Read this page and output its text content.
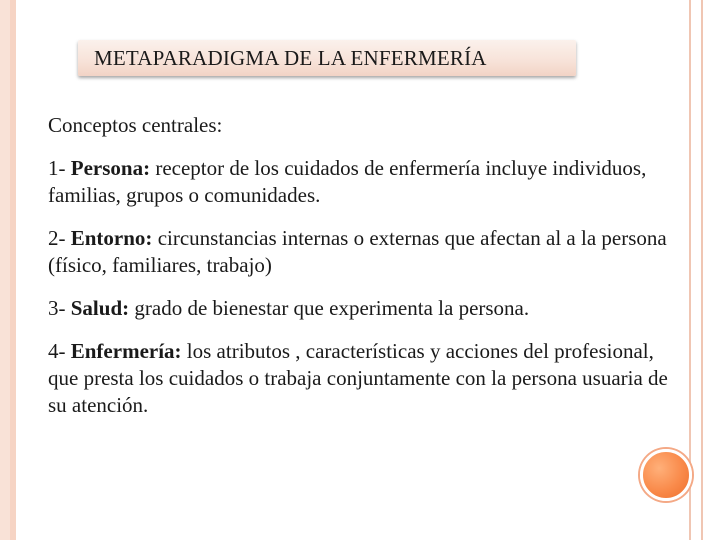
METAPARADIGMA DE LA ENFERMERÍA

Conceptos centrales:

1- Persona: receptor de los cuidados de enfermería incluye individuos, familias, grupos o comunidades.

2- Entorno: circunstancias internas o externas que afectan al a la persona (físico, familiares, trabajo)

3- Salud: grado de bienestar que experimenta la persona.

4- Enfermería: los atributos , características y acciones del profesional, que presta los cuidados o trabaja conjuntamente con la persona usuaria de su atención.
